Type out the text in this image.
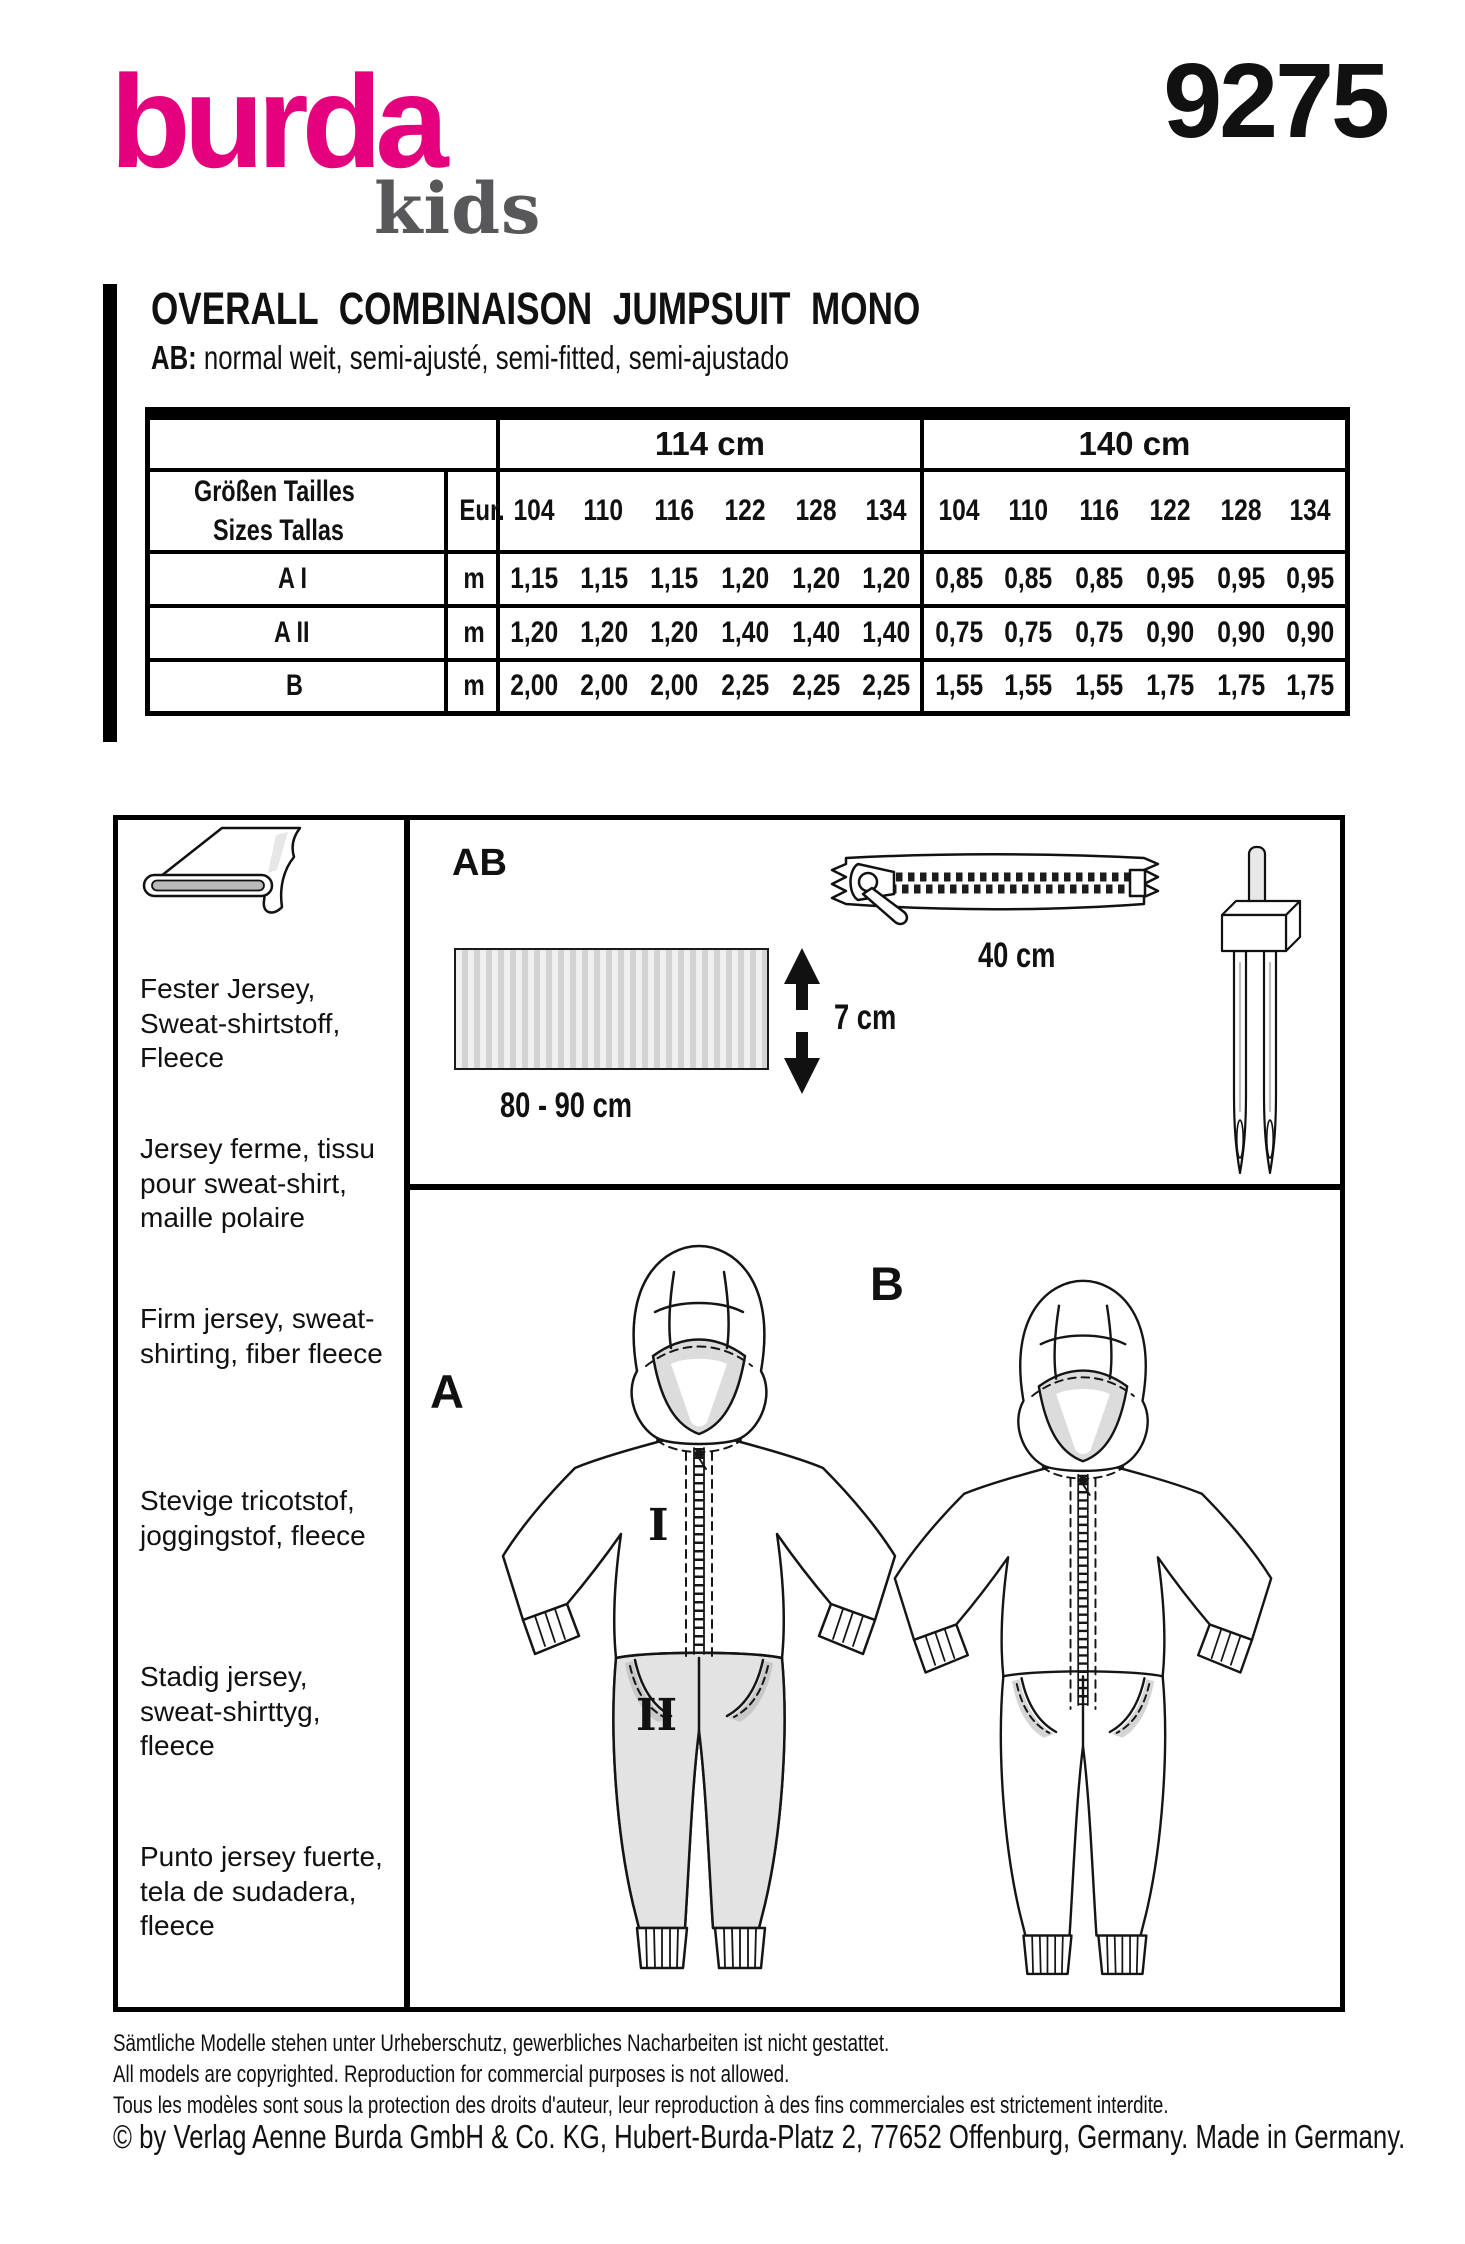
burda
kids
9275
OVERALL COMBINAISON JUMPSUIT MONO
AB: normal weit, semi-ajusté, semi-fitted, semi-ajustado
		114 cm						140 cm					
Größen Tailles
Sizes Tallas	Eur.	104	110	116	122	128	134	104	110	116	122	128	134
A I	m	1,15	1,15	1,15	1,20	1,20	1,20	0,85	0,85	0,85	0,95	0,95	0,95
A II	m	1,20	1,20	1,20	1,40	1,40	1,40	0,75	0,75	0,75	0,90	0,90	0,90
B	m	2,00	2,00	2,00	2,25	2,25	2,25	1,55	1,55	1,55	1,75	1,75	1,75
Fester Jersey, Sweat-shirtstoff, Fleece
Jersey ferme, tissu pour sweat-shirt, maille polaire
Firm jersey, sweat-shirting, fiber fleece
Stevige tricotstof, joggingstof, fleece
Stadig jersey, sweat-shirttyg, fleece
Punto jersey fuerte, tela de sudadera, fleece
AB
80 - 90 cm
7 cm
40 cm
A
B
I
II
Sämtliche Modelle stehen unter Urheberschutz, gewerbliches Nacharbeiten ist nicht gestattet.
All models are copyrighted. Reproduction for commercial purposes is not allowed.
Tous les modèles sont sous la protection des droits d'auteur, leur reproduction à des fins commerciales est strictement interdite.
© by Verlag Aenne Burda GmbH & Co. KG, Hubert-Burda-Platz 2, 77652 Offenburg, Germany. Made in Germany.
